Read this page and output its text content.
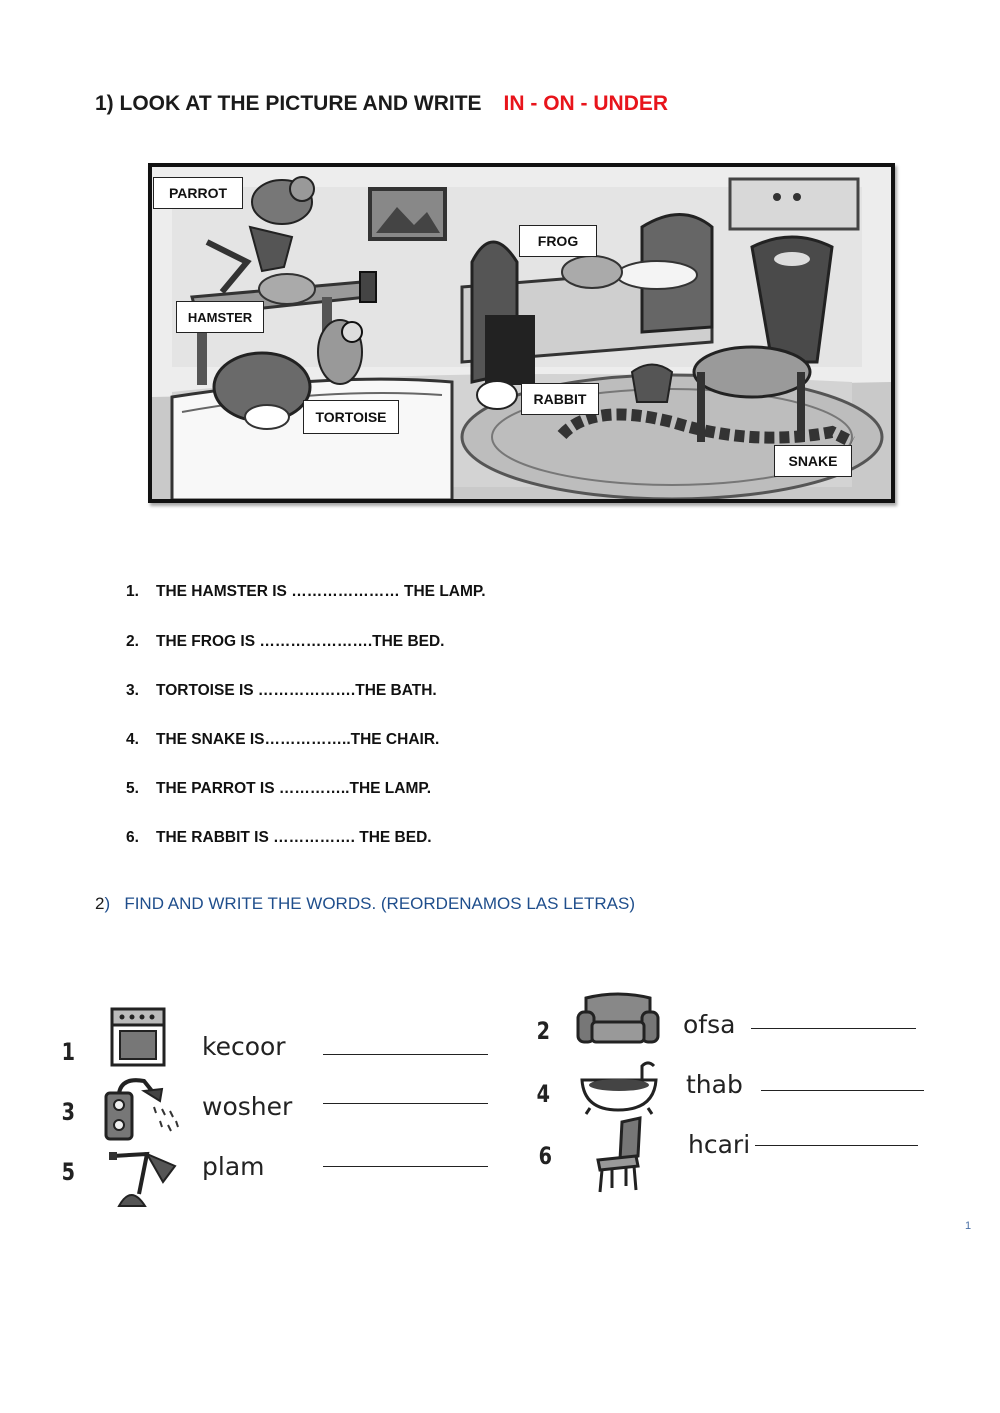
1) LOOK AT THE PICTURE AND WRITE IN - ON - UNDER
PARROT
FROG
HAMSTER
RABBIT
TORTOISE
SNAKE
1. THE HAMSTER IS ………………… THE LAMP.
2. THE FROG IS ………………….THE BED.
3. TORTOISE IS ……………….THE BATH.
4. THE SNAKE IS……………..THE CHAIR.
5. THE PARROT IS …………..THE LAMP.
6. THE RABBIT IS ……………. THE BED.
2) FIND AND WRITE THE WORDS. (REORDENAMOS LAS LETRAS)
1	kecoor
3	wosher
5	plam
2	ofsa
4	thab
6	hcari
1
